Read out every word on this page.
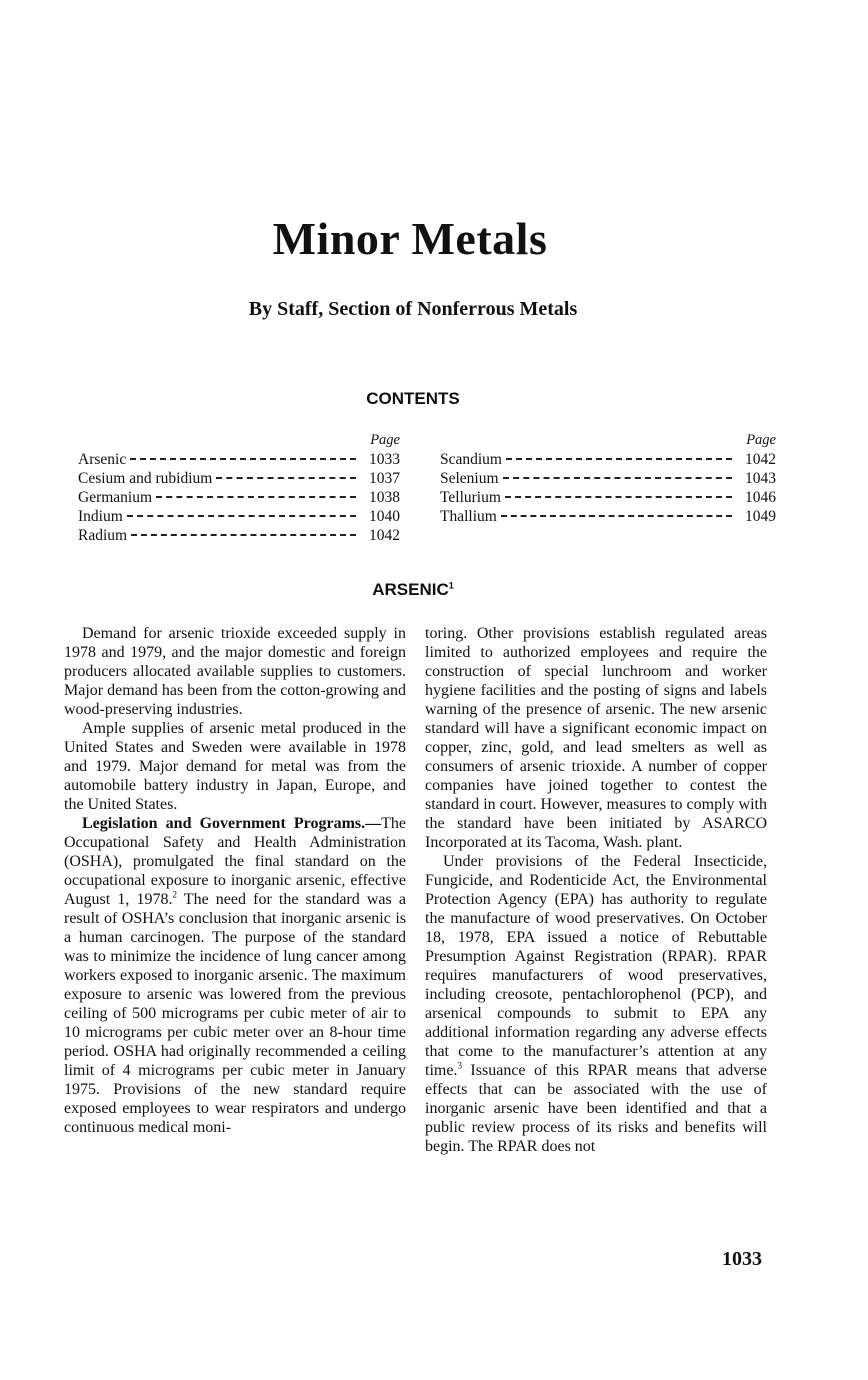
Minor Metals
By Staff, Section of Nonferrous Metals
CONTENTS
Page
Arsenic	1033
Cesium and rubidium	1037
Germanium	1038
Indium	1040
Radium	1042
Page
Scandium	1042
Selenium	1043
Tellurium	1046
Thallium	1049
ARSENIC$^1$

Demand for arsenic trioxide exceeded supply in 1978 and 1979, and the major domestic and foreign producers allocated available supplies to customers. Major demand has been from the cotton-growing and wood-preserving industries.

Ample supplies of arsenic metal produced in the United States and Sweden were available in 1978 and 1979. Major demand for metal was from the automobile battery industry in Japan, Europe, and the United States.

Legislation and Government Programs.—The Occupational Safety and Health Administration (OSHA), promulgated the final standard on the occupational exposure to inorganic arsenic, effective August 1, 1978.$^2$ The need for the standard was a result of OSHA’s conclusion that inorganic arsenic is a human carcinogen. The purpose of the standard was to minimize the incidence of lung cancer among workers exposed to inorganic arsenic. The maximum exposure to arsenic was lowered from the previous ceiling of 500 micrograms per cubic meter of air to 10 micrograms per cubic meter over an 8-hour time period. OSHA had originally recommended a ceiling limit of 4 micrograms per cubic meter in January 1975. Provisions of the new standard require exposed employees to wear respirators and undergo continuous medical moni-

toring. Other provisions establish regulated areas limited to authorized employees and require the construction of special lunchroom and worker hygiene facilities and the posting of signs and labels warning of the presence of arsenic. The new arsenic standard will have a significant economic impact on copper, zinc, gold, and lead smelters as well as consumers of arsenic trioxide. A number of copper companies have joined together to contest the standard in court. However, measures to comply with the standard have been initiated by ASARCO Incorporated at its Tacoma, Wash. plant.

Under provisions of the Federal Insecticide, Fungicide, and Rodenticide Act, the Environmental Protection Agency (EPA) has authority to regulate the manufacture of wood preservatives. On October 18, 1978, EPA issued a notice of Rebuttable Presumption Against Registration (RPAR). RPAR requires manufacturers of wood preservatives, including creosote, pentachlorophenol (PCP), and arsenical compounds to submit to EPA any additional information regarding any adverse effects that come to the manufacturer’s attention at any time.$^3$ Issuance of this RPAR means that adverse effects that can be associated with the use of inorganic arsenic have been identified and that a public review process of its risks and benefits will begin. The RPAR does not

1033
